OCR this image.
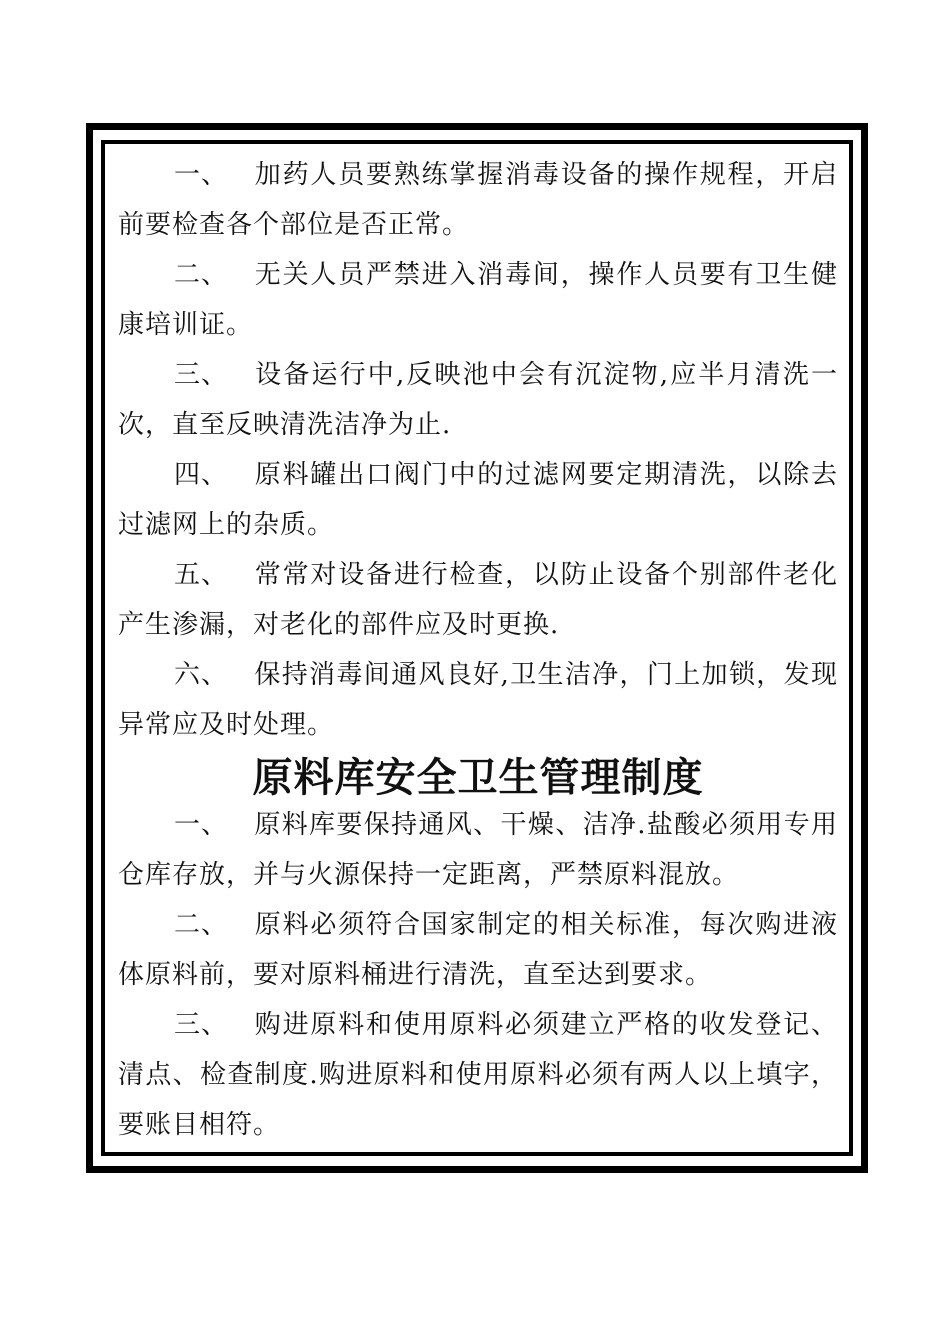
一、 加药人员要熟练掌握消毒设备的操作规程，开启前要检查各个部位是否正常。

二、 无关人员严禁进入消毒间，操作人员要有卫生健康培训证。

三、 设备运行中,反映池中会有沉淀物,应半月清洗一次，直至反映清洗洁净为止.

四、 原料罐出口阀门中的过滤网要定期清洗，以除去过滤网上的杂质。

五、 常常对设备进行检查，以防止设备个别部件老化产生渗漏，对老化的部件应及时更换.

六、 保持消毒间通风良好,卫生洁净，门上加锁，发现异常应及时处理。

原料库安全卫生管理制度

一、 原料库要保持通风、干燥、洁净.盐酸必须用专用仓库存放，并与火源保持一定距离，严禁原料混放。

二、 原料必须符合国家制定的相关标准，每次购进液体原料前，要对原料桶进行清洗，直至达到要求。

三、 购进原料和使用原料必须建立严格的收发登记、清点、检查制度.购进原料和使用原料必须有两人以上填字，要账目相符。
